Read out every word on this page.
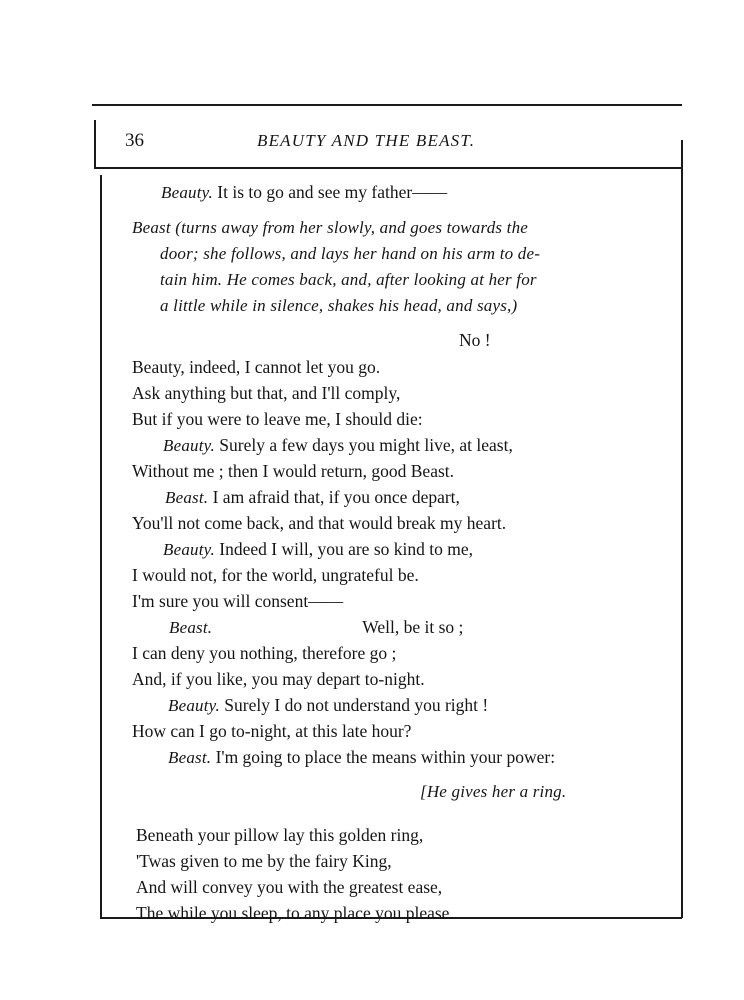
36	BEAUTY AND THE BEAST.
Beauty. It is to go and see my father——
Beast (turns away from her slowly, and goes towards the
door; she follows, and lays her hand on his arm to de-
tain him. He comes back, and, after looking at her for
a little while in silence, shakes his head, and says,)
No !
Beauty, indeed, I cannot let you go.
Ask anything but that, and I'll comply,
But if you were to leave me, I should die:
Beauty. Surely a few days you might live, at least,
Without me ; then I would return, good Beast.
Beast. I am afraid that, if you once depart,
You'll not come back, and that would break my heart.
Beauty. Indeed I will, you are so kind to me,
I would not, for the world, ungrateful be.
I'm sure you will consent——
Beast.	Well, be it so ;
I can deny you nothing, therefore go ;
And, if you like, you may depart to-night.
Beauty. Surely I do not understand you right !
How can I go to-night, at this late hour?
Beast. I'm going to place the means within your power:
[He gives her a ring.
Beneath your pillow lay this golden ring,
'Twas given to me by the fairy King,
And will convey you with the greatest ease,
The while you sleep, to any place you please.
